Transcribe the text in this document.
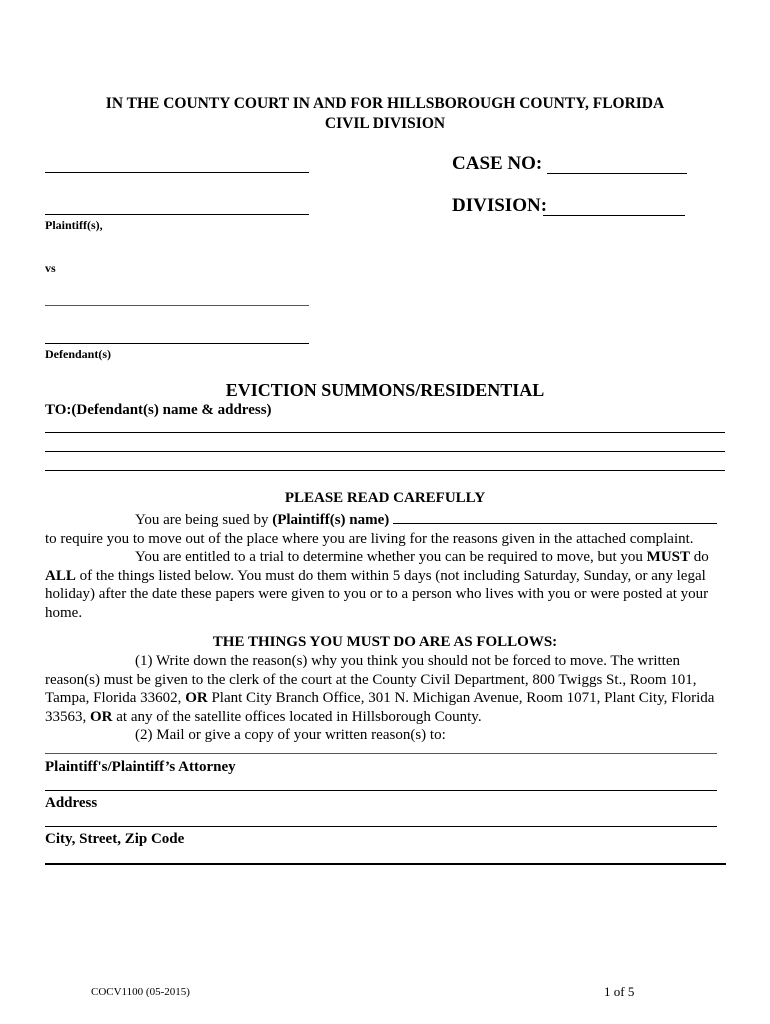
IN THE COUNTY COURT IN AND FOR HILLSBOROUGH COUNTY, FLORIDA
CIVIL DIVISION
Plaintiff(s),
CASE NO:
DIVISION:
vs
Defendant(s)
EVICTION SUMMONS/RESIDENTIAL
TO:(Defendant(s) name & address)
PLEASE READ CAREFULLY
You are being sued by (Plaintiff(s) name)
to require you to move out of the place where you are living for the reasons given in the attached complaint.
You are entitled to a trial to determine whether you can be required to move, but you MUST do ALL of the things listed below. You must do them within 5 days (not including Saturday, Sunday, or any legal holiday) after the date these papers were given to you or to a person who lives with you or were posted at your home.
THE THINGS YOU MUST DO ARE AS FOLLOWS:
(1) Write down the reason(s) why you think you should not be forced to move. The written reason(s) must be given to the clerk of the court at the County Civil Department, 800 Twiggs St., Room 101, Tampa, Florida 33602, OR Plant City Branch Office, 301 N. Michigan Avenue, Room 1071, Plant City, Florida 33563, OR at any of the satellite offices located in Hillsborough County.
(2) Mail or give a copy of your written reason(s) to:
Plaintiff's/Plaintiff’s Attorney
Address
City, Street, Zip Code
COCV1100 (05-2015)	1 of 5
